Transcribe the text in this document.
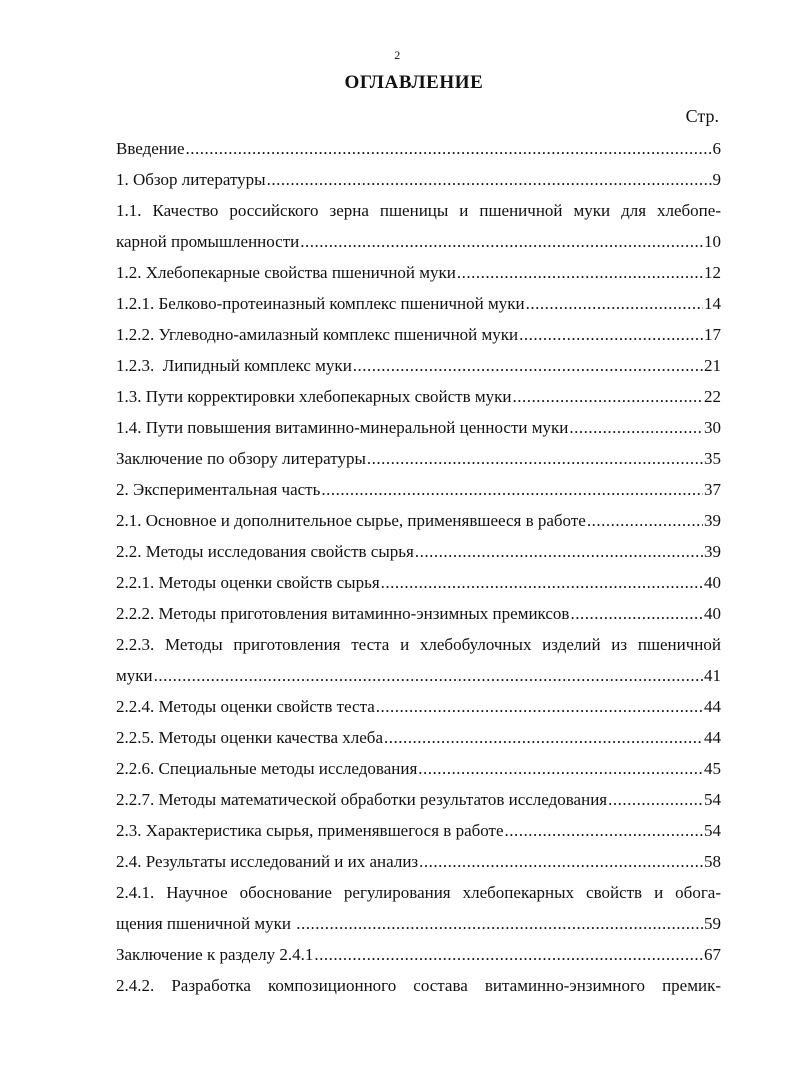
2
ОГЛАВЛЕНИЕ
Стр.
Введение .....	6
1. Обзор литературы .....	9
1.1. Качество российского зерна пшеницы и пшеничной муки для хлебопе-
карной промышленности .....	10
1.2. Хлебопекарные свойства пшеничной муки .....	12
1.2.1. Белково-протеиназный комплекс пшеничной муки .....	14
1.2.2. Углеводно-амилазный комплекс пшеничной муки .....	17
1.2.3.  Липидный комплекс муки .....	21
1.3. Пути корректировки хлебопекарных свойств муки .....	22
1.4. Пути повышения витаминно-минеральной ценности муки .....	30
Заключение по обзору литературы .....	35
2. Экспериментальная часть .....	37
2.1. Основное и дополнительное сырье, применявшееся в работе .....	39
2.2. Методы исследования свойств сырья .....	39
2.2.1. Методы оценки свойств сырья .....	40
2.2.2. Методы приготовления витаминно-энзимных премиксов .....	40
2.2.3. Методы приготовления теста и хлебобулочных изделий из пшеничной
муки .....	41
2.2.4. Методы оценки свойств теста .....	44
2.2.5. Методы оценки качества хлеба .....	44
2.2.6. Специальные методы исследования .....	45
2.2.7. Методы математической обработки результатов исследования .....	54
2.3. Характеристика сырья, применявшегося в работе .....	54
2.4. Результаты исследований и их анализ .....	58
2.4.1. Научное обоснование регулирования хлебопекарных свойств и обога-
щения пшеничной муки .....	59
Заключение к разделу 2.4.1 .....	67
2.4.2. Разработка композиционного состава витаминно-энзимного премик-
